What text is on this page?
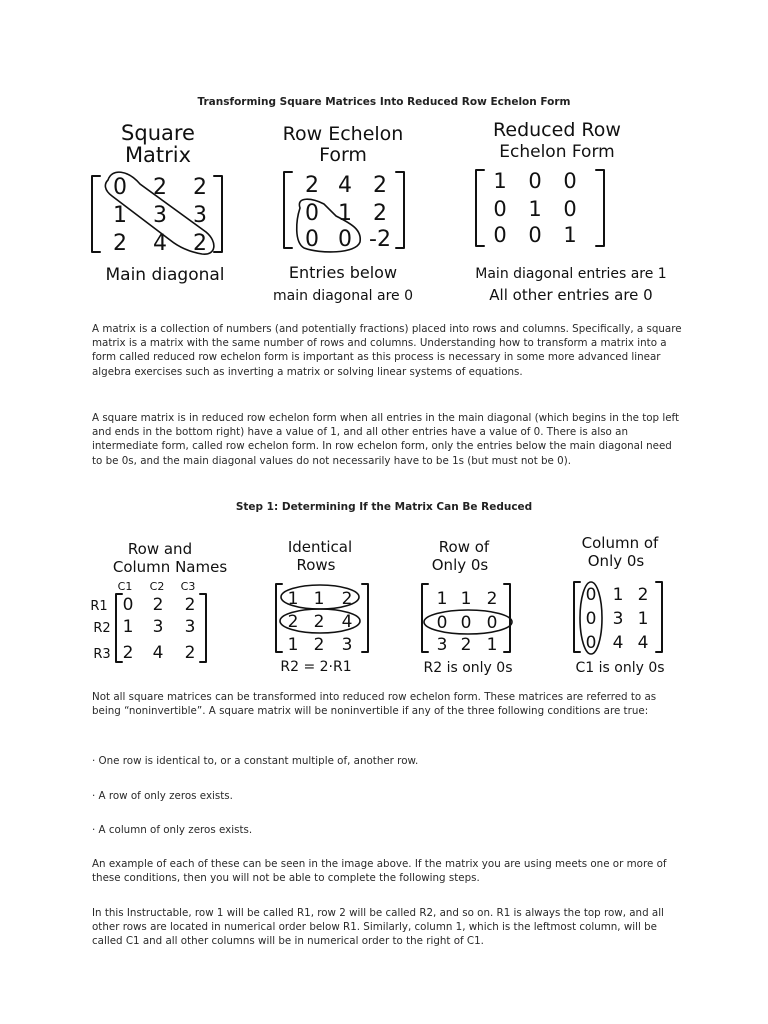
Transforming Square Matrices Into Reduced Row Echelon Form
Square
Matrix
0 2 2
1 3 3
2 4 2
Main diagonal
Row Echelon
Form
2 4 2
0 1 2
0 0 -2
Entries below
main diagonal are 0
Reduced Row
Echelon Form
1 0 0
0 1 0
0 0 1
Main diagonal entries are 1
All other entries are 0
A matrix is a collection of numbers (and potentially fractions) placed into rows and columns. Specifically, a square matrix is a matrix with the same number of rows and columns. Understanding how to transform a matrix into a form called reduced row echelon form is important as this process is necessary in some more advanced linear algebra exercises such as inverting a matrix or solving linear systems of equations.
A square matrix is in reduced row echelon form when all entries in the main diagonal (which begins in the top left and ends in the bottom right) have a value of 1, and all other entries have a value of 0. There is also an intermediate form, called row echelon form. In row echelon form, only the entries below the main diagonal need to be 0s, and the main diagonal values do not necessarily have to be 1s (but must not be 0).
Step 1: Determining If the Matrix Can Be Reduced
Row and
Column Names
C1 C2 C3
R1
R2
R3
0 2 2
1 3 3
2 4 2
Identical
Rows
1 1 2
2 2 4
1 2 3
R2 = 2·R1
Row of
Only 0s
1 1 2
0 0 0
3 2 1
R2 is only 0s
Column of
Only 0s
0 1 2
0 3 1
0 4 4
C1 is only 0s
Not all square matrices can be transformed into reduced row echelon form. These matrices are referred to as being “noninvertible”. A square matrix will be noninvertible if any of the three following conditions are true:
· One row is identical to, or a constant multiple of, another row.
· A row of only zeros exists.
· A column of only zeros exists.
An example of each of these can be seen in the image above. If the matrix you are using meets one or more of these conditions, then you will not be able to complete the following steps.
In this Instructable, row 1 will be called R1, row 2 will be called R2, and so on. R1 is always the top row, and all other rows are located in numerical order below R1. Similarly, column 1, which is the leftmost column, will be called C1 and all other columns will be in numerical order to the right of C1.
